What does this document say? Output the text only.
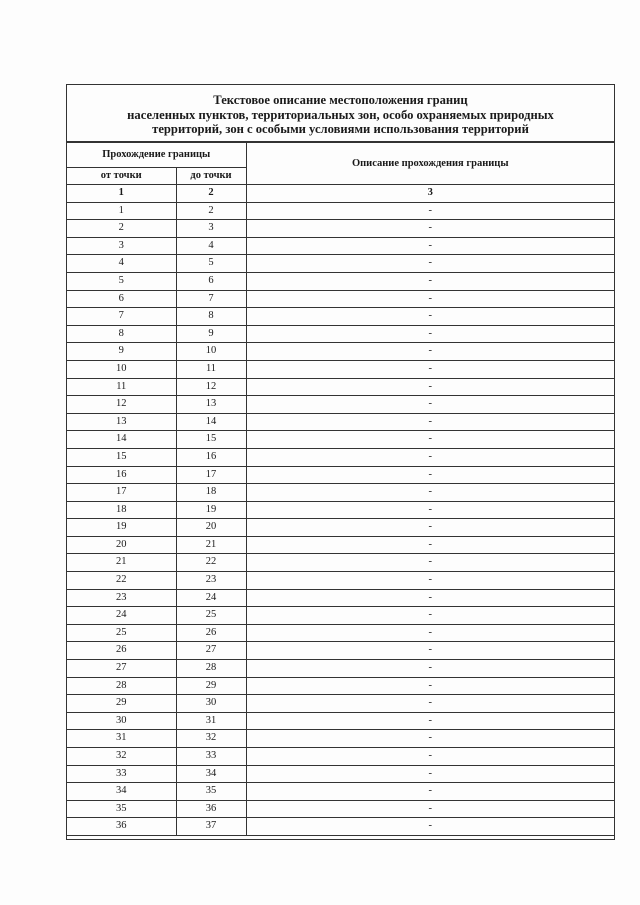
Текстовое описание местоположения границ
населенных пунктов, территориальных зон, особо охраняемых природных
территорий, зон с особыми условиями использования территорий
Прохождение границы		Описание прохождения границы
от точки	до точки	
1	2	3
1	2	-
2	3	-
3	4	-
4	5	-
5	6	-
6	7	-
7	8	-
8	9	-
9	10	-
10	11	-
11	12	-
12	13	-
13	14	-
14	15	-
15	16	-
16	17	-
17	18	-
18	19	-
19	20	-
20	21	-
21	22	-
22	23	-
23	24	-
24	25	-
25	26	-
26	27	-
27	28	-
28	29	-
29	30	-
30	31	-
31	32	-
32	33	-
33	34	-
34	35	-
35	36	-
36	37	-
